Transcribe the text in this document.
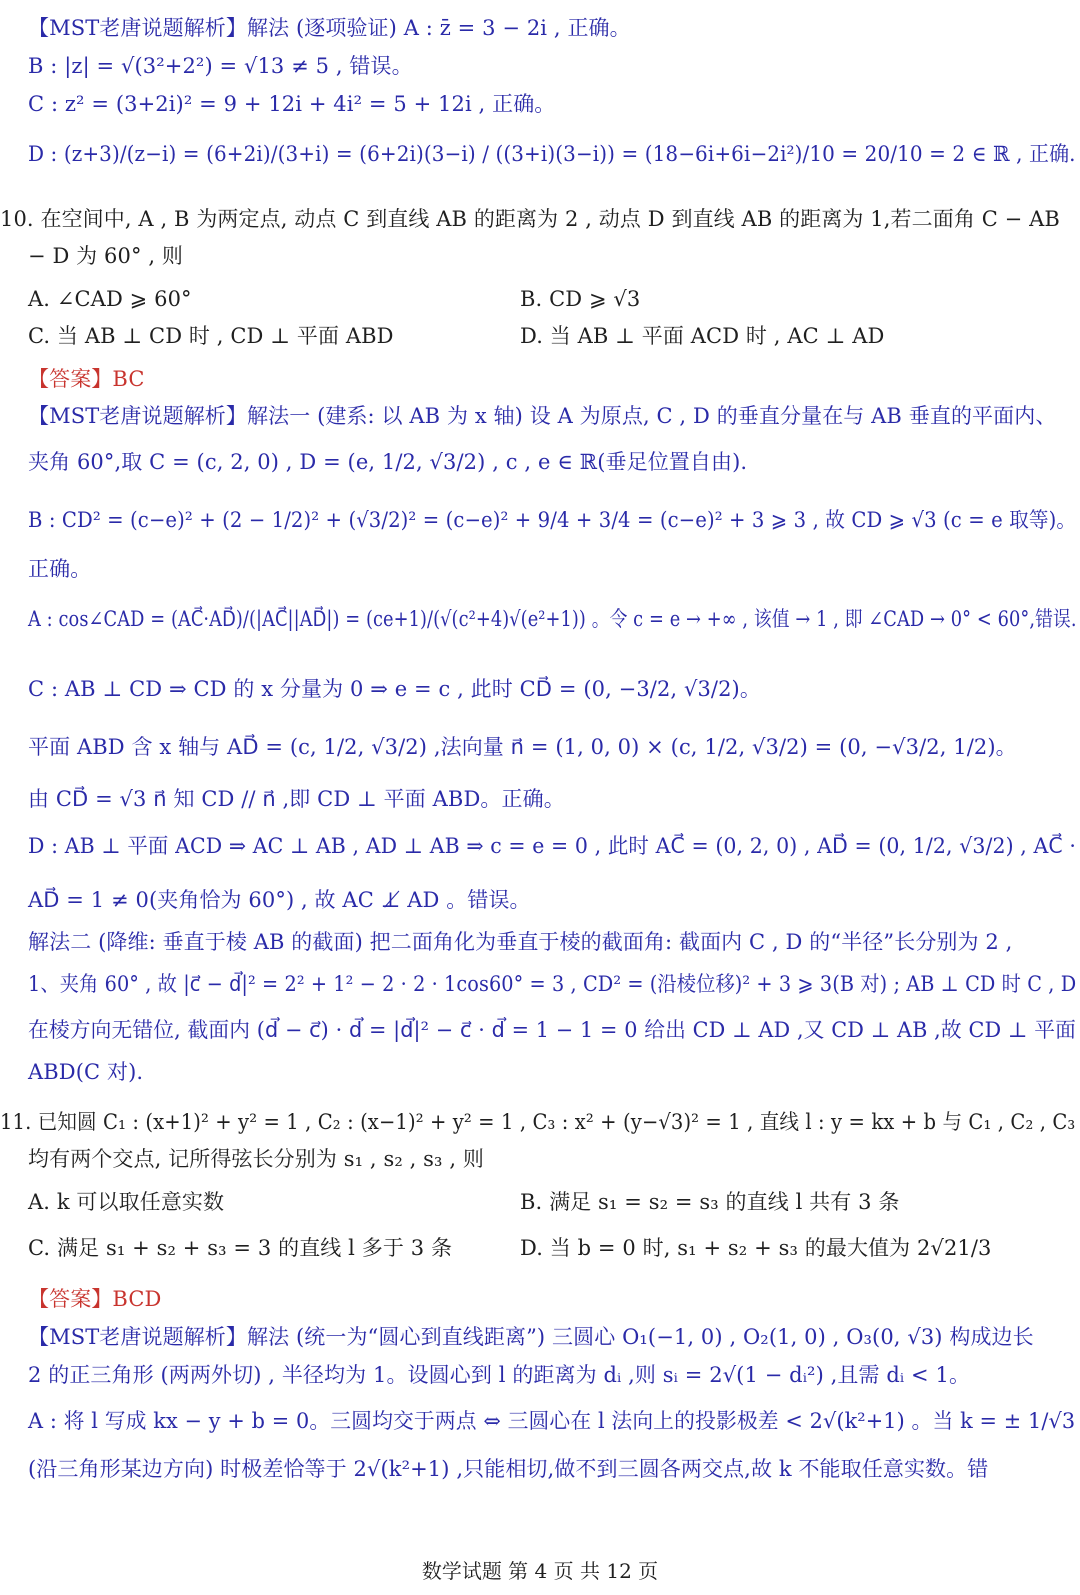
【MST老唐说题解析】解法 (逐项验证) A : z̄ = 3 − 2i , 正确。
B : |z| = √(3²+2²) = √13 ≠ 5 , 错误。
C : z² = (3+2i)² = 9 + 12i + 4i² = 5 + 12i , 正确。
D : (z+3)/(z−i) = (6+2i)/(3+i) = (6+2i)(3−i) / ((3+i)(3−i)) = (18−6i+6i−2i²)/10 = 20/10 = 2 ∈ ℝ , 正确.
10. 在空间中, A , B 为两定点, 动点 C 到直线 AB 的距离为 2 , 动点 D 到直线 AB 的距离为 1,若二面角 C − AB
− D 为 60° , 则
A. ∠CAD ⩾ 60°	B. CD ⩾ √3
C. 当 AB ⊥ CD 时 , CD ⊥ 平面 ABD	D. 当 AB ⊥ 平面 ACD 时 , AC ⊥ AD
【答案】BC
【MST老唐说题解析】解法一 (建系: 以 AB 为 x 轴) 设 A 为原点, C , D 的垂直分量在与 AB 垂直的平面内、
夹角 60°,取 C = (c, 2, 0) , D = (e, 1/2, √3/2) , c , e ∈ ℝ(垂足位置自由).
B : CD² = (c−e)² + (2 − 1/2)² + (√3/2)² = (c−e)² + 9/4 + 3/4 = (c−e)² + 3 ⩾ 3 , 故 CD ⩾ √3 (c = e 取等)。
正确。
A : cos∠CAD = (AC⃗·AD⃗)/(|AC⃗||AD⃗|) = (ce+1)/(√(c²+4)√(e²+1)) 。令 c = e → +∞ , 该值 → 1 , 即 ∠CAD → 0° < 60°,错误.
C : AB ⊥ CD ⇒ CD 的 x 分量为 0 ⇒ e = c , 此时 CD⃗ = (0, −3/2, √3/2)。
平面 ABD 含 x 轴与 AD⃗ = (c, 1/2, √3/2) ,法向量 n⃗ = (1, 0, 0) × (c, 1/2, √3/2) = (0, −√3/2, 1/2)。
由 CD⃗ = √3 n⃗ 知 CD // n⃗ ,即 CD ⊥ 平面 ABD。正确。
D : AB ⊥ 平面 ACD ⇒ AC ⊥ AB , AD ⊥ AB ⇒ c = e = 0 , 此时 AC⃗ = (0, 2, 0) , AD⃗ = (0, 1/2, √3/2) , AC⃗ ·
AD⃗ = 1 ≠ 0(夹角恰为 60°) , 故 AC ⊥̸ AD 。错误。
解法二 (降维: 垂直于棱 AB 的截面) 把二面角化为垂直于棱的截面角: 截面内 C , D 的“半径”长分别为 2 ,
1、夹角 60° , 故 |c⃗ − d⃗|² = 2² + 1² − 2 · 2 · 1cos60° = 3 , CD² = (沿棱位移)² + 3 ⩾ 3(B 对) ; AB ⊥ CD 时 C , D
在棱方向无错位, 截面内 (d⃗ − c⃗) · d⃗ = |d⃗|² − c⃗ · d⃗ = 1 − 1 = 0 给出 CD ⊥ AD ,又 CD ⊥ AB ,故 CD ⊥ 平面
ABD(C 对).
11. 已知圆 C₁ : (x+1)² + y² = 1 , C₂ : (x−1)² + y² = 1 , C₃ : x² + (y−√3)² = 1 , 直线 l : y = kx + b 与 C₁ , C₂ , C₃
均有两个交点, 记所得弦长分别为 s₁ , s₂ , s₃ , 则
A. k 可以取任意实数	B. 满足 s₁ = s₂ = s₃ 的直线 l 共有 3 条
C. 满足 s₁ + s₂ + s₃ = 3 的直线 l 多于 3 条	D. 当 b = 0 时, s₁ + s₂ + s₃ 的最大值为 2√21/3
【答案】BCD
【MST老唐说题解析】解法 (统一为“圆心到直线距离”) 三圆心 O₁(−1, 0) , O₂(1, 0) , O₃(0, √3) 构成边长
2 的正三角形 (两两外切) , 半径均为 1。设圆心到 l 的距离为 dᵢ ,则 sᵢ = 2√(1 − dᵢ²) ,且需 dᵢ < 1。
A : 将 l 写成 kx − y + b = 0。三圆均交于两点 ⇔ 三圆心在 l 法向上的投影极差 < 2√(k²+1) 。当 k = ± 1/√3
(沿三角形某边方向) 时极差恰等于 2√(k²+1) ,只能相切,做不到三圆各两交点,故 k 不能取任意实数。错
数学试题 第 4 页 共 12 页
